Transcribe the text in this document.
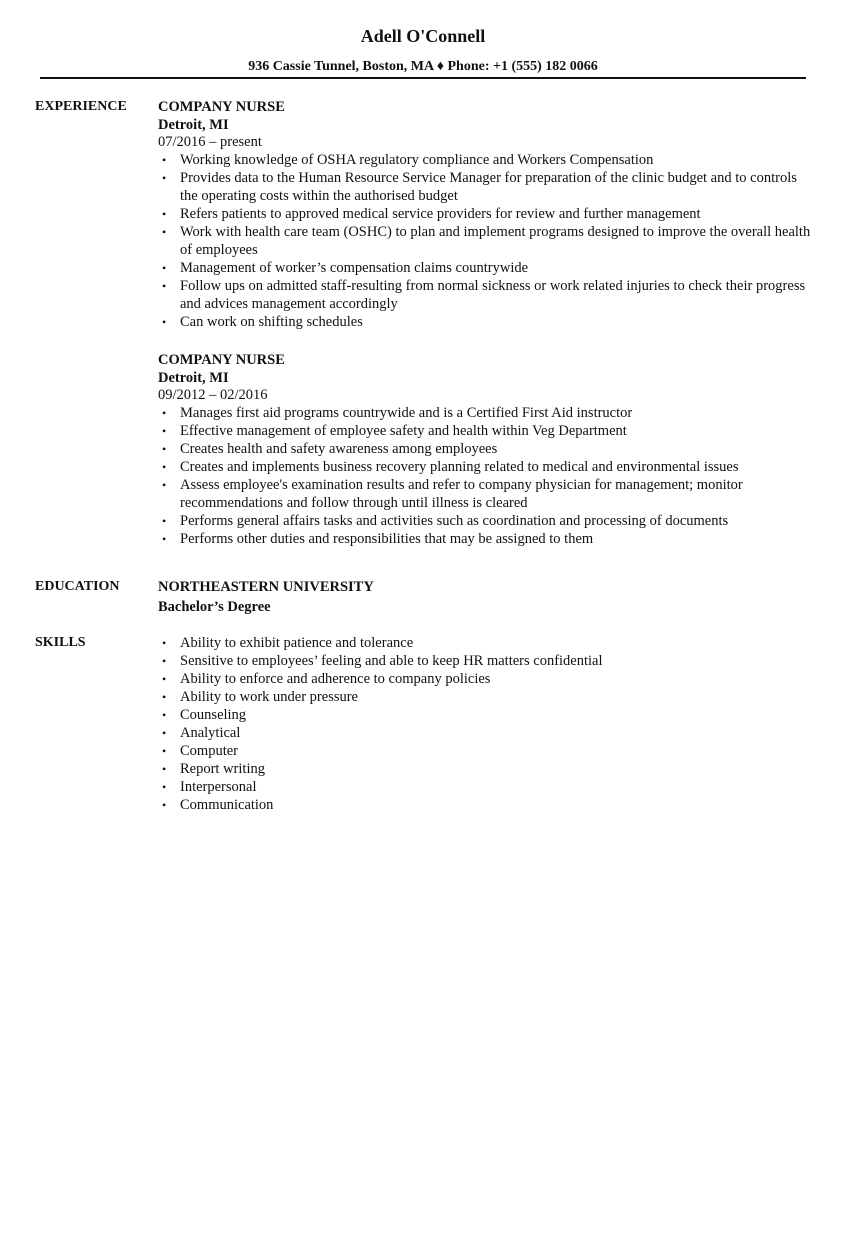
Adell O'Connell
936 Cassie Tunnel, Boston, MA ♦ Phone: +1 (555) 182 0066
EXPERIENCE COMPANY NURSE
Detroit, MI
07/2016 – present
• Working knowledge of OSHA regulatory compliance and Workers Compensation
• Provides data to the Human Resource Service Manager for preparation of the clinic budget and to controls the operating costs within the authorised budget
• Refers patients to approved medical service providers for review and further management
• Work with health care team (OSHC) to plan and implement programs designed to improve the overall health of employees
• Management of worker’s compensation claims countrywide
• Follow ups on admitted staff-resulting from normal sickness or work related injuries to check their progress and advices management accordingly
• Can work on shifting schedules
COMPANY NURSE
Detroit, MI
09/2012 – 02/2016
• Manages first aid programs countrywide and is a Certified First Aid instructor
• Effective management of employee safety and health within Veg Department
• Creates health and safety awareness among employees
• Creates and implements business recovery planning related to medical and environmental issues
• Assess employee's examination results and refer to company physician for management; monitor recommendations and follow through until illness is cleared
• Performs general affairs tasks and activities such as coordination and processing of documents
• Performs other duties and responsibilities that may be assigned to them
EDUCATION	NORTHEASTERN UNIVERSITY
Bachelor’s Degree
SKILLS
•	Ability to exhibit patience and tolerance
• Sensitive to employees’ feeling and able to keep HR matters confidential
• Ability to enforce and adherence to company policies
• Ability to work under pressure
• Counseling
• Analytical
• Computer
• Report writing
• Interpersonal
• Communication
